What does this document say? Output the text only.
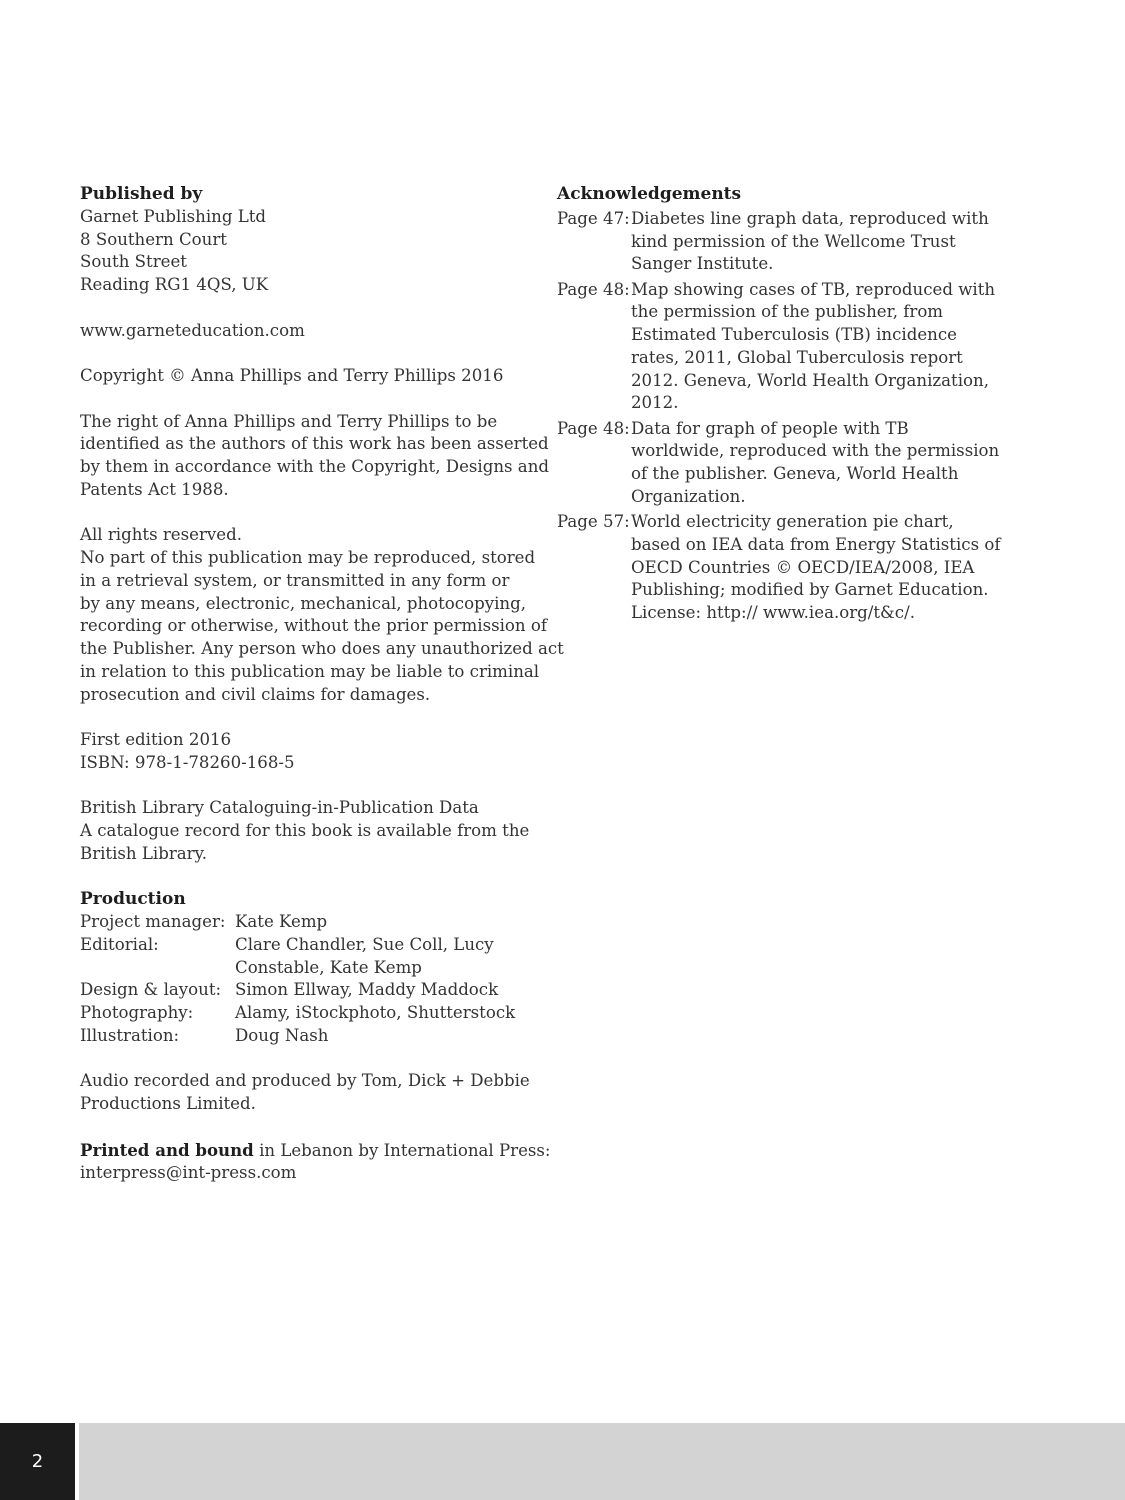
Published by
Garnet Publishing Ltd
8 Southern Court
South Street
Reading RG1 4QS, UK
www.garneteducation.com
Copyright © Anna Phillips and Terry Phillips 2016
The right of Anna Phillips and Terry Phillips to be
identified as the authors of this work has been asserted
by them in accordance with the Copyright, Designs and
Patents Act 1988.
All rights reserved.
No part of this publication may be reproduced, stored
in a retrieval system, or transmitted in any form or
by any means, electronic, mechanical, photocopying,
recording or otherwise, without the prior permission of
the Publisher. Any person who does any unauthorized act
in relation to this publication may be liable to criminal
prosecution and civil claims for damages.
First edition 2016
ISBN: 978-1-78260-168-5
British Library Cataloguing-in-Publication Data
A catalogue record for this book is available from the
British Library.
Production
Project manager: Kate Kemp
Editorial:	Clare Chandler, Sue Coll, Lucy Constable, Kate Kemp
Design & layout: Simon Ellway, Maddy Maddock
Photography:	Alamy, iStockphoto, Shutterstock
Illustration:	Doug Nash
Audio recorded and produced by Tom, Dick + Debbie
Productions Limited.
Printed and bound in Lebanon by International Press:
interpress@int-press.com
Acknowledgements
Page 47: Diabetes line graph data, reproduced with kind permission of the Wellcome Trust Sanger Institute.
Page 48: Map showing cases of TB, reproduced with the permission of the publisher, from Estimated Tuberculosis (TB) incidence rates, 2011, Global Tuberculosis report 2012. Geneva, World Health Organization, 2012.
Page 48: Data for graph of people with TB worldwide, reproduced with the permission of the publisher. Geneva, World Health Organization.
Page 57: World electricity generation pie chart, based on IEA data from Energy Statistics of OECD Countries © OECD/IEA/2008, IEA Publishing; modified by Garnet Education. License: http:// www.iea.org/t&c/.
2
